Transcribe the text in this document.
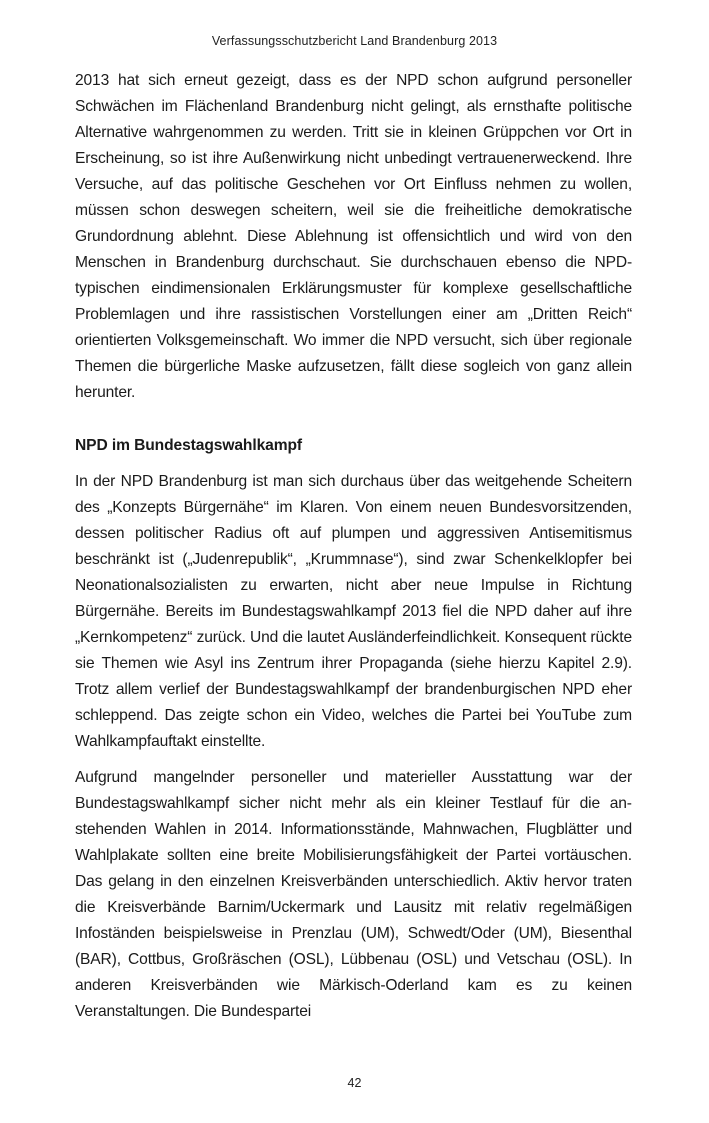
Verfassungsschutzbericht Land Brandenburg 2013

2013 hat sich erneut gezeigt, dass es der NPD schon aufgrund personeller Schwächen im Flächenland Brandenburg nicht gelingt, als ernsthafte politische Alternative wahrgenommen zu werden. Tritt sie in kleinen Grüppchen vor Ort in Erscheinung, so ist ihre Außenwirkung nicht unbedingt vertrauenerweckend. Ihre Versuche, auf das politische Geschehen vor Ort Einfluss nehmen zu wollen, müssen schon deswegen scheitern, weil sie die freiheitliche demokratische Grundordnung ablehnt. Diese Ablehnung ist offensichtlich und wird von den Menschen in Brandenburg durchschaut. Sie durchschauen ebenso die NPD-typischen eindimensionalen Erklärungsmuster für komplexe gesellschaftliche Problemlagen und ihre rassistischen Vorstellungen einer am „Dritten Reich“ orientierten Volksgemeinschaft. Wo immer die NPD versucht, sich über regionale Themen die bürgerliche Maske aufzusetzen, fällt diese sogleich von ganz allein herunter.

NPD im Bundestagswahlkampf

In der NPD Brandenburg ist man sich durchaus über das weitgehende Scheitern des „Konzepts Bürgernähe“ im Klaren. Von einem neuen Bundesvorsitzenden, dessen politischer Radius oft auf plumpen und aggressiven Antisemitismus beschränkt ist („Judenrepublik“, „Krummnase“), sind zwar Schenkelklopfer bei Neonationalsozialisten zu erwarten, nicht aber neue Impulse in Richtung Bürgernähe. Bereits im Bundestagswahlkampf 2013 fiel die NPD daher auf ihre „Kernkompetenz“ zurück. Und die lautet Ausländerfeindlichkeit. Konsequent rückte sie Themen wie Asyl ins Zentrum ihrer Propaganda (siehe hierzu Kapitel 2.9). Trotz allem verlief der Bundestagswahlkampf der brandenburgischen NPD eher schleppend. Das zeigte schon ein Video, welches die Partei bei YouTube zum Wahlkampfauftakt einstellte.

Aufgrund mangelnder personeller und materieller Ausstattung war der Bundestagswahlkampf sicher nicht mehr als ein kleiner Testlauf für die anstehenden Wahlen in 2014. Informationsstände, Mahnwachen, Flugblätter und Wahlplakate sollten eine breite Mobilisierungsfähigkeit der Partei vortäuschen. Das gelang in den einzelnen Kreisverbänden unterschiedlich. Aktiv hervor traten die Kreisverbände Barnim/Uckermark und Lausitz mit relativ regelmäßigen Infoständen beispielsweise in Prenzlau (UM), Schwedt/Oder (UM), Biesenthal (BAR), Cottbus, Großräschen (OSL), Lübbenau (OSL) und Vetschau (OSL). In anderen Kreisverbänden wie Märkisch-Oderland kam es zu keinen Veranstaltungen. Die Bundespartei

42
